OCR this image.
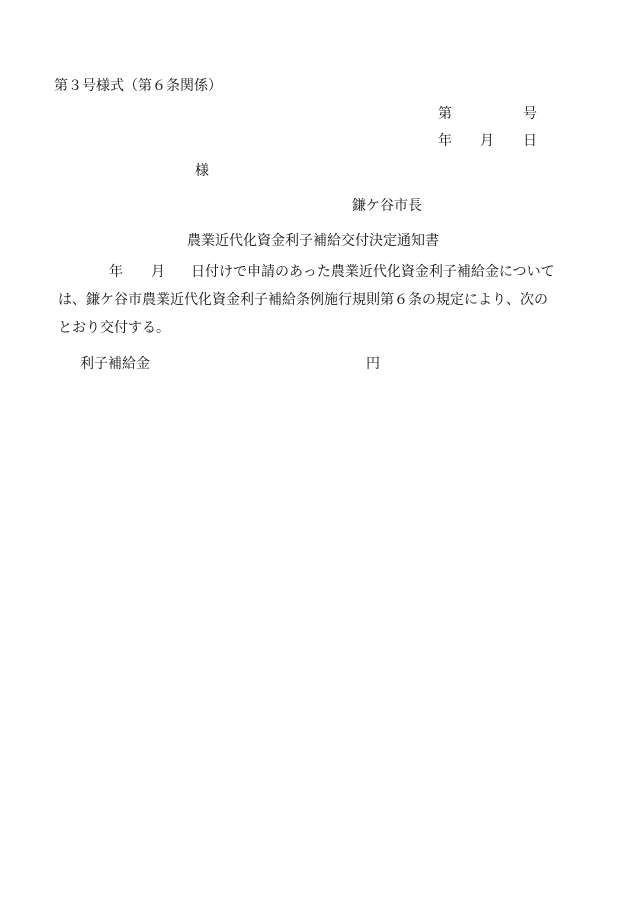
第３号様式（第６条関係）
第	号
年 月 日
様
鎌ケ谷市長
農業近代化資金利子補給交付決定通知書
年 月 日付けで申請のあった農業近代化資金利子補給金について
は、鎌ケ谷市農業近代化資金利子補給条例施行規則第６条の規定により、次の
とおり交付する。
利子補給金	円
